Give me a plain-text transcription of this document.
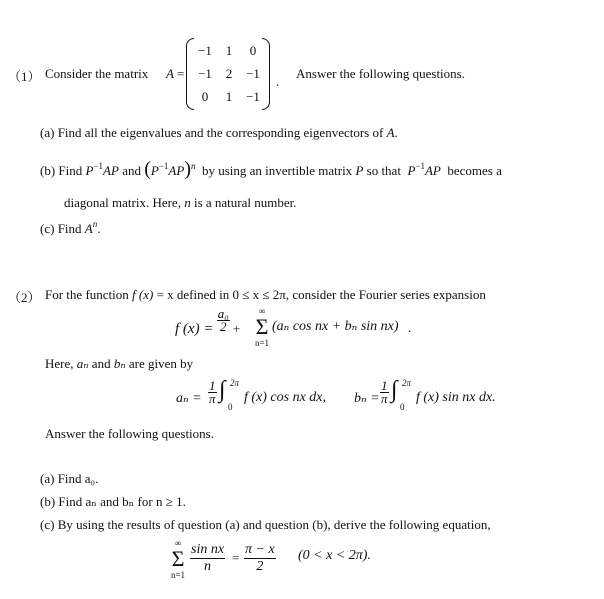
（1） Consider the matrix A =
−1	1	0
−1	2	−1
0	1	−1
.
Answer the following questions.
(a) Find all the eigenvalues and the corresponding eigenvectors of A.
(b) Find $P^{-1}AP$ and $(P^{-1}AP)^n$ by using an invertible matrix P so that $P^{-1}AP$ becomes a
diagonal matrix. Here, n is a natural number.
(c) Find $A^n$.
（2） For the function f (x) = x defined in 0 ≤ x ≤ 2π, consider the Fourier series expansion
f $(x) = \frac{\text{a₀}}{2}$ +
∞
Σ
n=1
(aₙ cos nx + bₙ sin nx) .
Here, aₙ and bₙ are given by
$a_n = \frac{1}{\pi}$ ∫ 2π
0
f (x) cos nx dx, $b_n = \frac{1}{\pi}$ ∫ 2π
0
f (x) sin nx dx.
Answer the following questions.
(a) Find a₀.
(b) Find aₙ and bₙ for n ≥ 1.
(c) By using the results of question (a) and question (b), derive the following equation,
∞
Σ
$n=1 \frac{\text{sin nx}}{n} = \frac{\pi - x}{2} (0 < x < 2\pi)$.
